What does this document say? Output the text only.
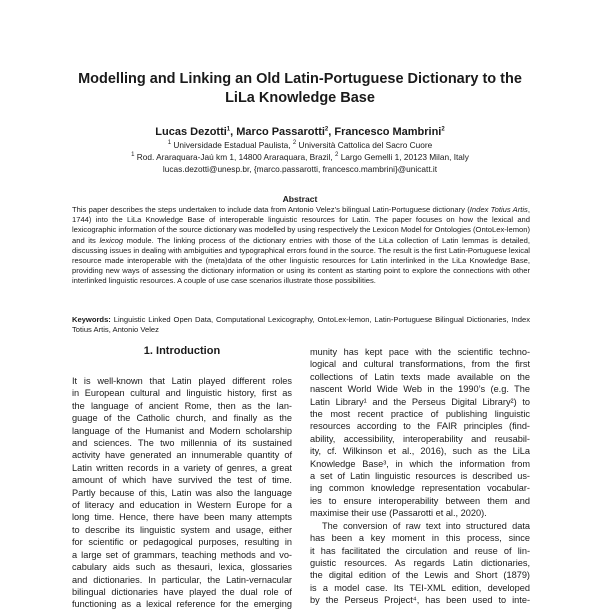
Modelling and Linking an Old Latin-Portuguese Dictionary to the
LiLa Knowledge Base
Lucas Dezotti$^1$, Marco Passarotti$^2$, Francesco Mambrini$^2$
$^1$ Universidade Estadual Paulista, $^2$ Università Cattolica del Sacro Cuore
$^1$ Rod. Araraquara-Jaú km 1, 14800 Araraquara, Brazil, $^2$ Largo Gemelli 1, 20123 Milan, Italy
lucas.dezotti@unesp.br, {marco.passarotti, francesco.mambrini}@unicatt.it
Abstract
This paper describes the steps undertaken to include data from Antonio Velez’s bilingual Latin-Portuguese dictionary (Index Totius Artis, 1744) into the LiLa Knowledge Base of interoperable linguistic resources for Latin. The paper focuses on how the lexical and lexicographic information of the source dictionary was modelled by using respectively the Lexicon Model for Ontologies (OntoLex-lemon) and its lexicog module. The linking process of the dictionary entries with those of the LiLa collection of Latin lemmas is detailed, discussing issues in dealing with ambiguities and typographical errors found in the source. The result is the first Latin-Portuguese lexical resource made interoperable with the (meta)data of the other linguistic resources for Latin interlinked in the LiLa Knowledge Base, providing new ways of assessing the dictionary information or using its content as starting point to explore the connections with other interlinked linguistic resources. A couple of use case scenarios illustrate those possibilities.
Keywords: Linguistic Linked Open Data, Computational Lexicography, OntoLex-lemon, Latin-Portuguese Bilingual Dictionaries, Index Totius Artis, Antonio Velez
1. Introduction
It is well-known that Latin played different roles
in European cultural and linguistic history, first as
the language of ancient Rome, then as the lan-
guage of the Catholic church, and finally as the
language of the Humanist and Modern scholarship
and sciences. The two millennia of its sustained
activity have generated an innumerable quantity of
Latin written records in a variety of genres, a great
amount of which have survived the test of time.
Partly because of this, Latin was also the language
of literacy and education in Western Europe for a
long time. Hence, there have been many attempts
to describe its linguistic system and usage, either
for scientific or pedagogical purposes, resulting in
a large set of grammars, teaching methods and vo-
cabulary aids such as thesauri, lexica, glossaries
and dictionaries. In particular, the Latin-vernacular
bilingual dictionaries have played the dual role of
functioning as a lexical reference for the emerging
munity has kept pace with the scientific techno-
logical and cultural transformations, from the first
collections of Latin texts made available on the
nascent World Wide Web in the 1990’s (e.g. The
Latin Library¹ and the Perseus Digital Library²) to
the most recent practice of publishing linguistic
resources according to the FAIR principles (find-
ability, accessibility, interoperability and reusabil-
ity, cf. Wilkinson et al., 2016), such as the LiLa
Knowledge Base³, in which the information from
a set of Latin linguistic resources is described us-
ing common knowledge representation vocabular-
ies to ensure interoperability between them and
maximise their use (Passarotti et al., 2020).
The conversion of raw text into structured data
has been a key moment in this process, since
it has facilitated the circulation and reuse of lin-
guistic resources. As regards Latin dictionaries,
the digital edition of the Lewis and Short (1879)
is a model case. Its TEI-XML edition, developed
by the Perseus Project⁴, has been used to inte-
